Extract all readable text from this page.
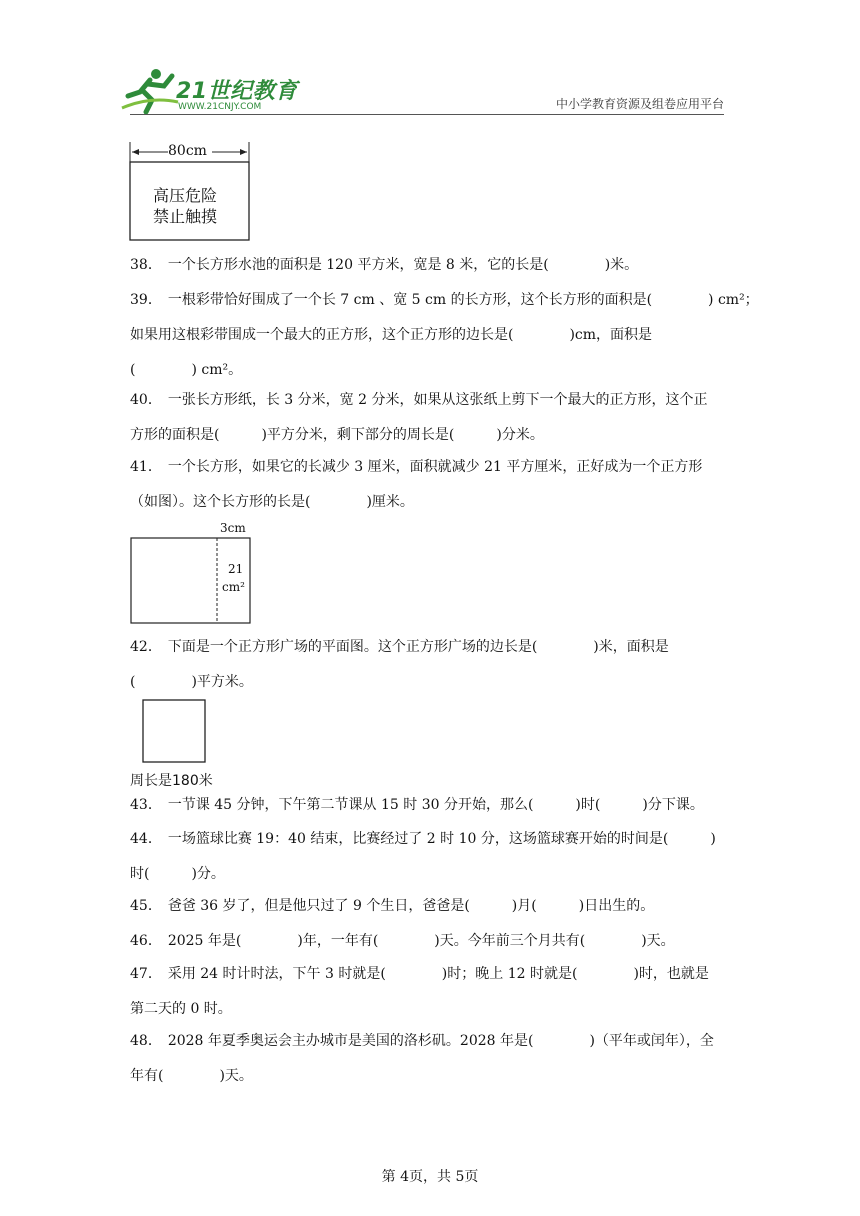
21世纪教育
WWW.21CNJY.COM	中小学教育资源及组卷应用平台
80cm
高压危险
禁止触摸
38． 一个长方形水池的面积是 120 平方米，宽是 8 米，它的长是(　　　　)米。
39． 一根彩带恰好围成了一个长 7 cm 、宽 5 cm 的长方形，这个长方形的面积是(　　　　) cm²；
如果用这根彩带围成一个最大的正方形，这个正方形的边长是(　　　　)cm，面积是
(　　　　) cm²。
40． 一张长方形纸，长 3 分米，宽 2 分米，如果从这张纸上剪下一个最大的正方形，这个正
方形的面积是(　　　)平方分米，剩下部分的周长是(　　　)分米。
41． 一个长方形，如果它的长减少 3 厘米，面积就减少 21 平方厘米，正好成为一个正方形
（如图）。这个长方形的长是(　　　　)厘米。
3cm
21
cm²
42． 下面是一个正方形广场的平面图。这个正方形广场的边长是(　　　　)米，面积是
(　　　　)平方米。
周长是180米
43． 一节课 45 分钟，下午第二节课从 15 时 30 分开始，那么(　　　)时(　　　)分下课。
44． 一场篮球比赛 19：40 结束，比赛经过了 2 时 10 分，这场篮球赛开始的时间是(　　　)
时(　　　)分。
45． 爸爸 36 岁了，但是他只过了 9 个生日，爸爸是(　　　)月(　　　)日出生的。
46． 2025 年是(　　　　)年，一年有(　　　　)天。今年前三个月共有(　　　　)天。
47． 采用 24 时计时法，下午 3 时就是(　　　　)时；晚上 12 时就是(　　　　)时，也就是
第二天的 0 时。
48． 2028 年夏季奥运会主办城市是美国的洛杉矶。2028 年是(　　　　)（平年或闰年），全
年有(　　　　)天。
第 4页，共 5页
